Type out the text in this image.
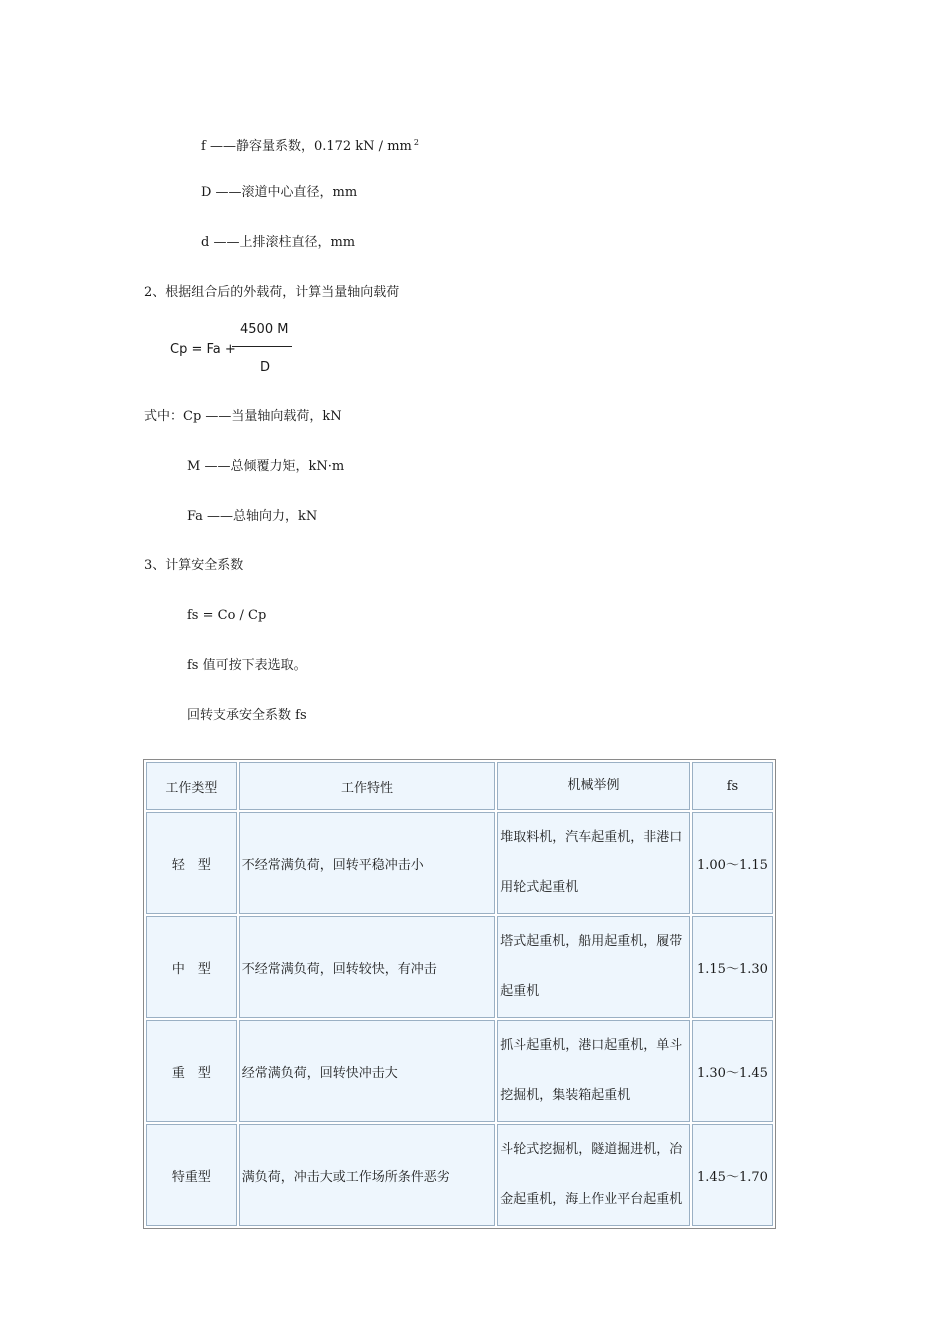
f ——静容量系数，0.172 kN / mm $^2$
D ——滚道中心直径，mm
d ——上排滚柱直径，mm
2、根据组合后的外载荷，计算当量轴向载荷
Cp = Fa +
4500 M
D
式中：Cp ——当量轴向载荷，kN
M ——总倾覆力矩，kN·m
Fa ——总轴向力，kN
3、计算安全系数
fs = Co / Cp
fs 值可按下表选取。
回转支承安全系数 fs
工作类型	工作特性	机械举例	fs
轻　型	不经常满负荷，回转平稳冲击小	堆取料机，汽车起重机，非港口用轮式起重机	1.00～1.15
中　型	不经常满负荷，回转较快，有冲击	塔式起重机，船用起重机，履带起重机	1.15～1.30
重　型	经常满负荷，回转快冲击大	抓斗起重机，港口起重机，单斗挖掘机，集装箱起重机	1.30～1.45
特重型	满负荷，冲击大或工作场所条件恶劣	斗轮式挖掘机，隧道掘进机，冶金起重机，海上作业平台起重机	1.45～1.70
